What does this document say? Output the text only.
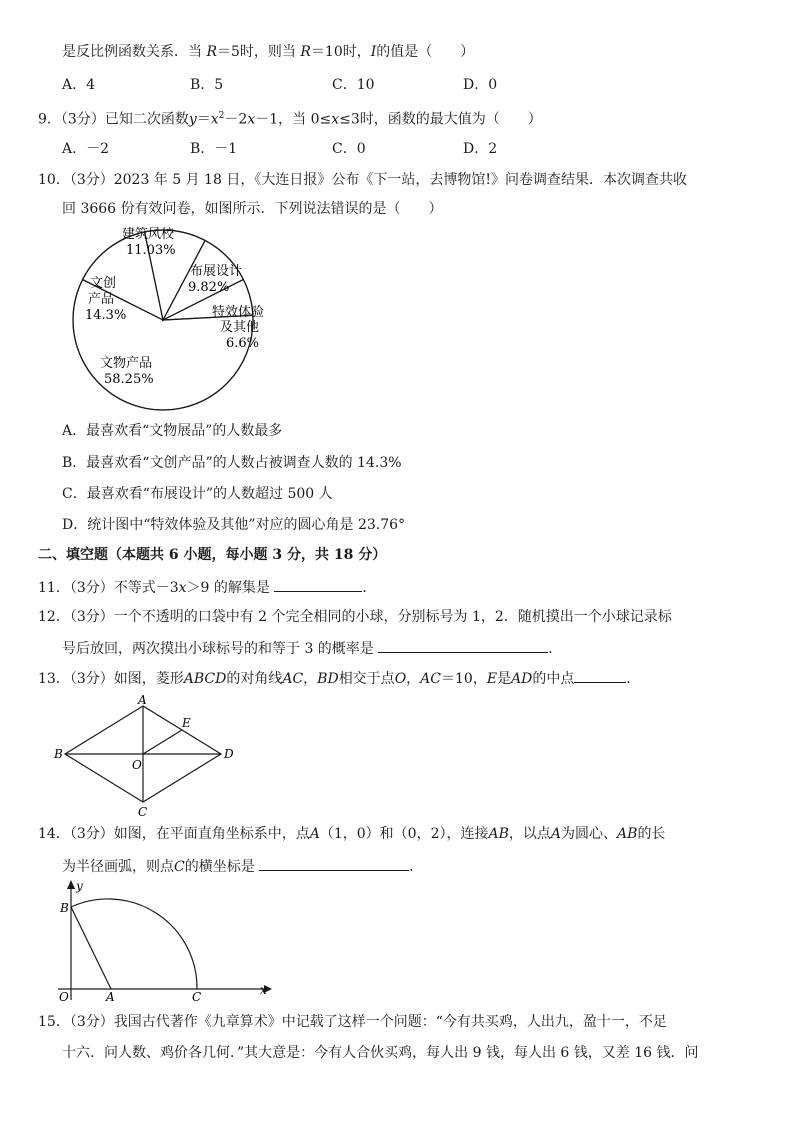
是反比例函数关系．当 R＝5时，则当 R＝10时，I的值是（　　）
A．4	B．5	C．10	D．0
9．（3分）已知二次函数$y=x^2-2x-1$，当 0≤x≤3时，函数的最大值为（　　）
A．－2	B．－1	C．0	D．2
10．（3分）2023 年 5 月 18 日，《大连日报》公布《下一站，去博物馆!》问卷调查结果．本次调查共收
回 3666 份有效问卷，如图所示．下列说法错误的是（　　）
建筑风校
11.03%
布展设计
9.82%
特效体验
及其他
6.6%
文创
产品
14.3%
文物产品
58.25%
A．最喜欢看“文物展品”的人数最多
B．最喜欢看“文创产品”的人数占被调查人数的 14.3%
C．最喜欢看“布展设计”的人数超过 500 人
D．统计图中“特效体验及其他”对应的圆心角是 23.76°
二、填空题（本题共 6 小题，每小题 3 分，共 18 分）
11．（3分）不等式－3x＞9 的解集是	．
12．（3分）一个不透明的口袋中有 2 个完全相同的小球，分别标号为 1，2．随机摸出一个小球记录标
号后放回，两次摸出小球标号的和等于 3 的概率是	．
13．（3分）如图，菱形ABCD的对角线AC，BD相交于点O，AC＝10，E是AD的中点	．
A
B
C
D
E
O
14．（3分）如图，在平面直角坐标系中，点A（1，0）和（0，2），连接AB，以点A为圆心、AB的长
为半径画弧，则点C的横坐标是	．
y
x
B
O	A	C
15．（3分）我国古代著作《九章算术》中记载了这样一个问题：“今有共买鸡，人出九，盈十一，不足
十六．问人数、鸡价各几何．”其大意是：今有人合伙买鸡，每人出 9 钱，每人出 6 钱，又差 16 钱．问
